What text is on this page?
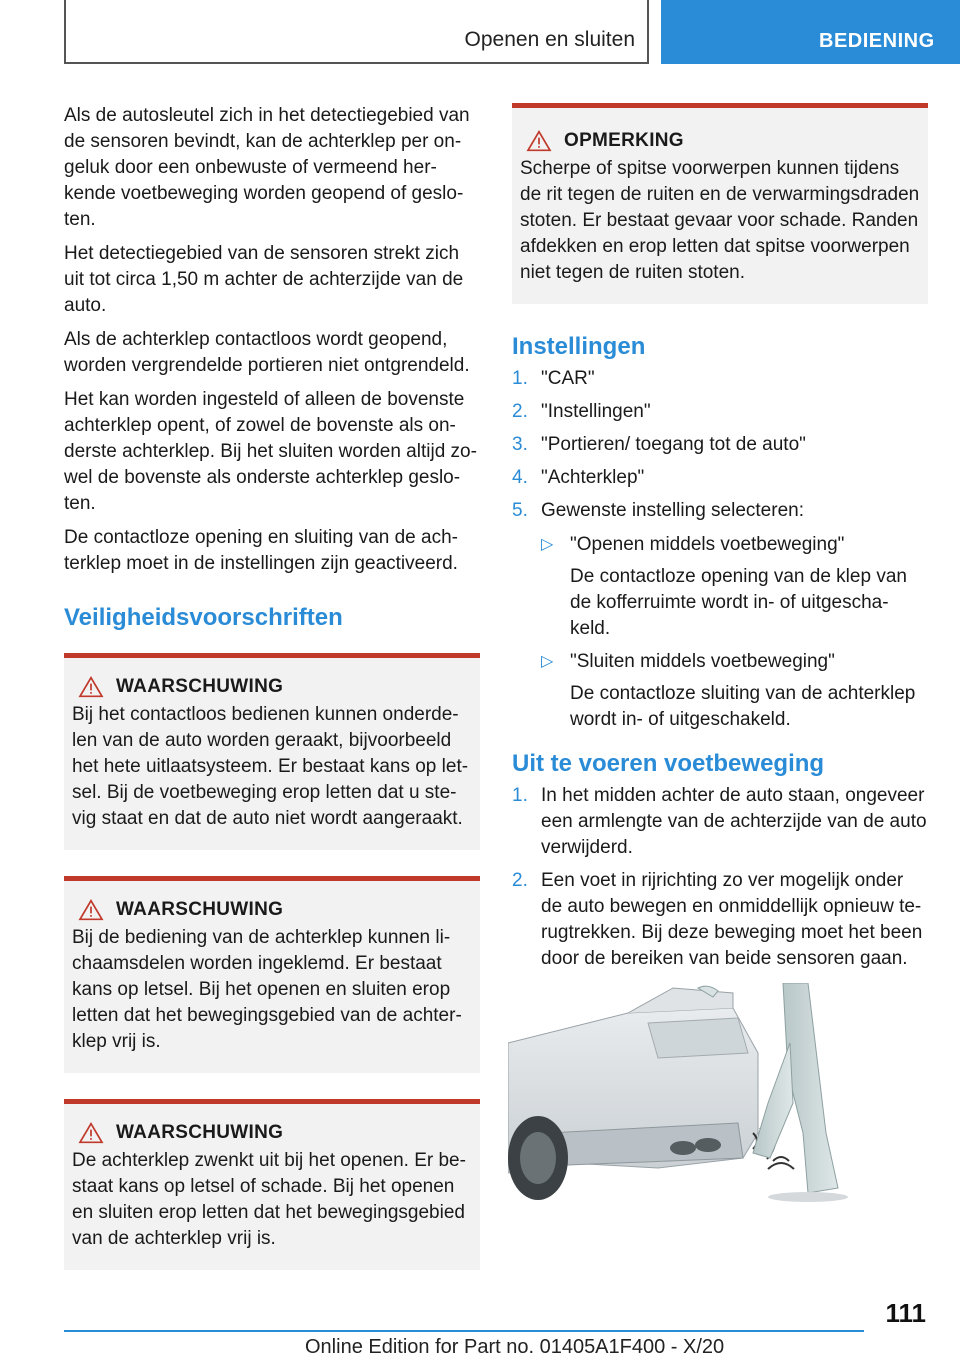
Openen en sluiten	BEDIENING

Als de autosleutel zich in het detectiegebied van de sensoren bevindt, kan de achterklep per on-geluk door een onbewuste of vermeend her-kende voetbeweging worden geopend of geslo-ten.

Het detectiegebied van de sensoren strekt zich uit tot circa 1,50 m achter de achterzijde van de auto.

Als de achterklep contactloos wordt geopend, worden vergrendelde portieren niet ontgrendeld.

Het kan worden ingesteld of alleen de bovenste achterklep opent, of zowel de bovenste als on-derste achterklep. Bij het sluiten worden altijd zo-wel de bovenste als onderste achterklep geslo-ten.

De contactloze opening en sluiting van de ach-terklep moet in de instellingen zijn geactiveerd.

Veiligheidsvoorschriften
WAARSCHUWING
Bij het contactloos bedienen kunnen onderde-len van de auto worden geraakt, bijvoorbeeld het hete uitlaatsysteem. Er bestaat kans op let-sel. Bij de voetbeweging erop letten dat u ste-vig staat en dat de auto niet wordt aangeraakt.
WAARSCHUWING
Bij de bediening van de achterklep kunnen li-chaamsdelen worden ingeklemd. Er bestaat kans op letsel. Bij het openen en sluiten erop letten dat het bewegingsgebied van de achter-klep vrij is.
WAARSCHUWING
De achterklep zwenkt uit bij het openen. Er be-staat kans op letsel of schade. Bij het openen en sluiten erop letten dat het bewegingsgebied van de achterklep vrij is.
OPMERKING
Scherpe of spitse voorwerpen kunnen tijdens de rit tegen de ruiten en de verwarmingsdraden stoten. Er bestaat gevaar voor schade. Randen afdekken en erop letten dat spitse voorwerpen niet tegen de ruiten stoten.
Instellingen
1. "CAR"
2. "Instellingen"
3. "Portieren/ toegang tot de auto"
4. "Achterklep"
5. Gewenste instelling selecteren:
▷ "Openen middels voetbeweging"
De contactloze opening van de klep van de kofferruimte wordt in- of uitgescha-keld.
▷ "Sluiten middels voetbeweging"
De contactloze sluiting van de achterklep wordt in- of uitgeschakeld.
Uit te voeren voetbeweging
1. In het midden achter de auto staan, ongeveer een armlengte van de achterzijde van de auto verwijderd.
2. Een voet in rijrichting zo ver mogelijk onder de auto bewegen en onmiddellijk opnieuw te-rugtrekken. Bij deze beweging moet het been door de bereiken van beide sensoren gaan.
111
Online Edition for Part no. 01405A1F400 - X/20
